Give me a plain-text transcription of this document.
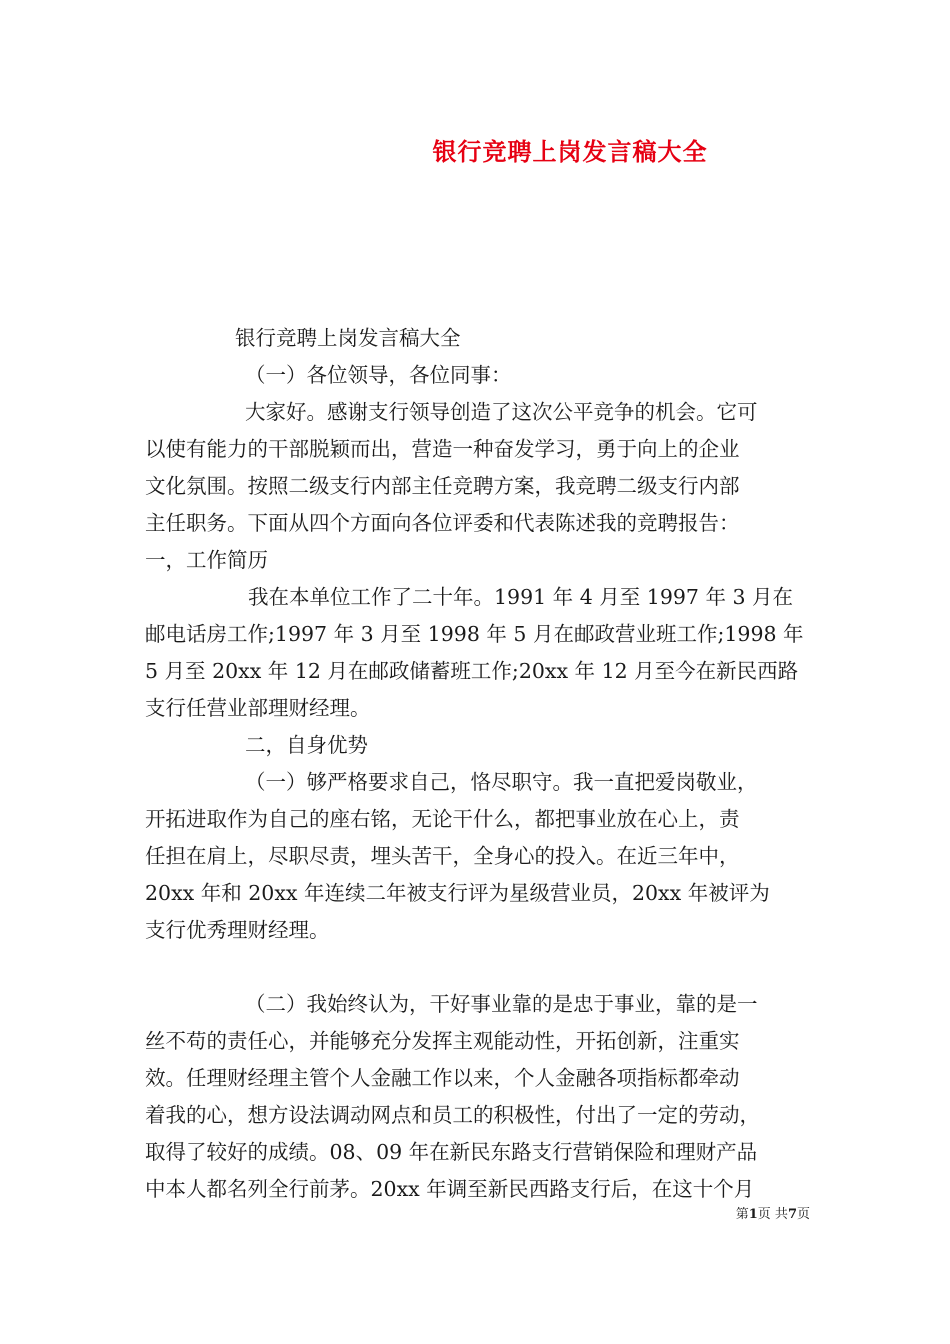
银行竞聘上岗发言稿大全
银行竞聘上岗发言稿大全
（一）各位领导，各位同事：
大家好。感谢支行领导创造了这次公平竞争的机会。它可
以使有能力的干部脱颖而出，营造一种奋发学习，勇于向上的企业
文化氛围。按照二级支行内部主任竞聘方案，我竞聘二级支行内部
主任职务。下面从四个方面向各位评委和代表陈述我的竞聘报告：
一，工作简历
我在本单位工作了二十年。1991 年 4 月至 1997 年 3 月在
邮电话房工作;1997 年 3 月至 1998 年 5 月在邮政营业班工作;1998 年
5 月至 20xx 年 12 月在邮政储蓄班工作;20xx 年 12 月至今在新民西路
支行任营业部理财经理。
二，自身优势
（一）够严格要求自己，恪尽职守。我一直把爱岗敬业，
开拓进取作为自己的座右铭，无论干什么，都把事业放在心上，责
任担在肩上，尽职尽责，埋头苦干，全身心的投入。在近三年中，
20xx 年和 20xx 年连续二年被支行评为星级营业员，20xx 年被评为
支行优秀理财经理。
（二）我始终认为，干好事业靠的是忠于事业，靠的是一
丝不苟的责任心，并能够充分发挥主观能动性，开拓创新，注重实
效。任理财经理主管个人金融工作以来，个人金融各项指标都牵动
着我的心，想方设法调动网点和员工的积极性，付出了一定的劳动，
取得了较好的成绩。08、09 年在新民东路支行营销保险和理财产品
中本人都名列全行前茅。20xx 年调至新民西路支行后，在这十个月
第1页 共7页
